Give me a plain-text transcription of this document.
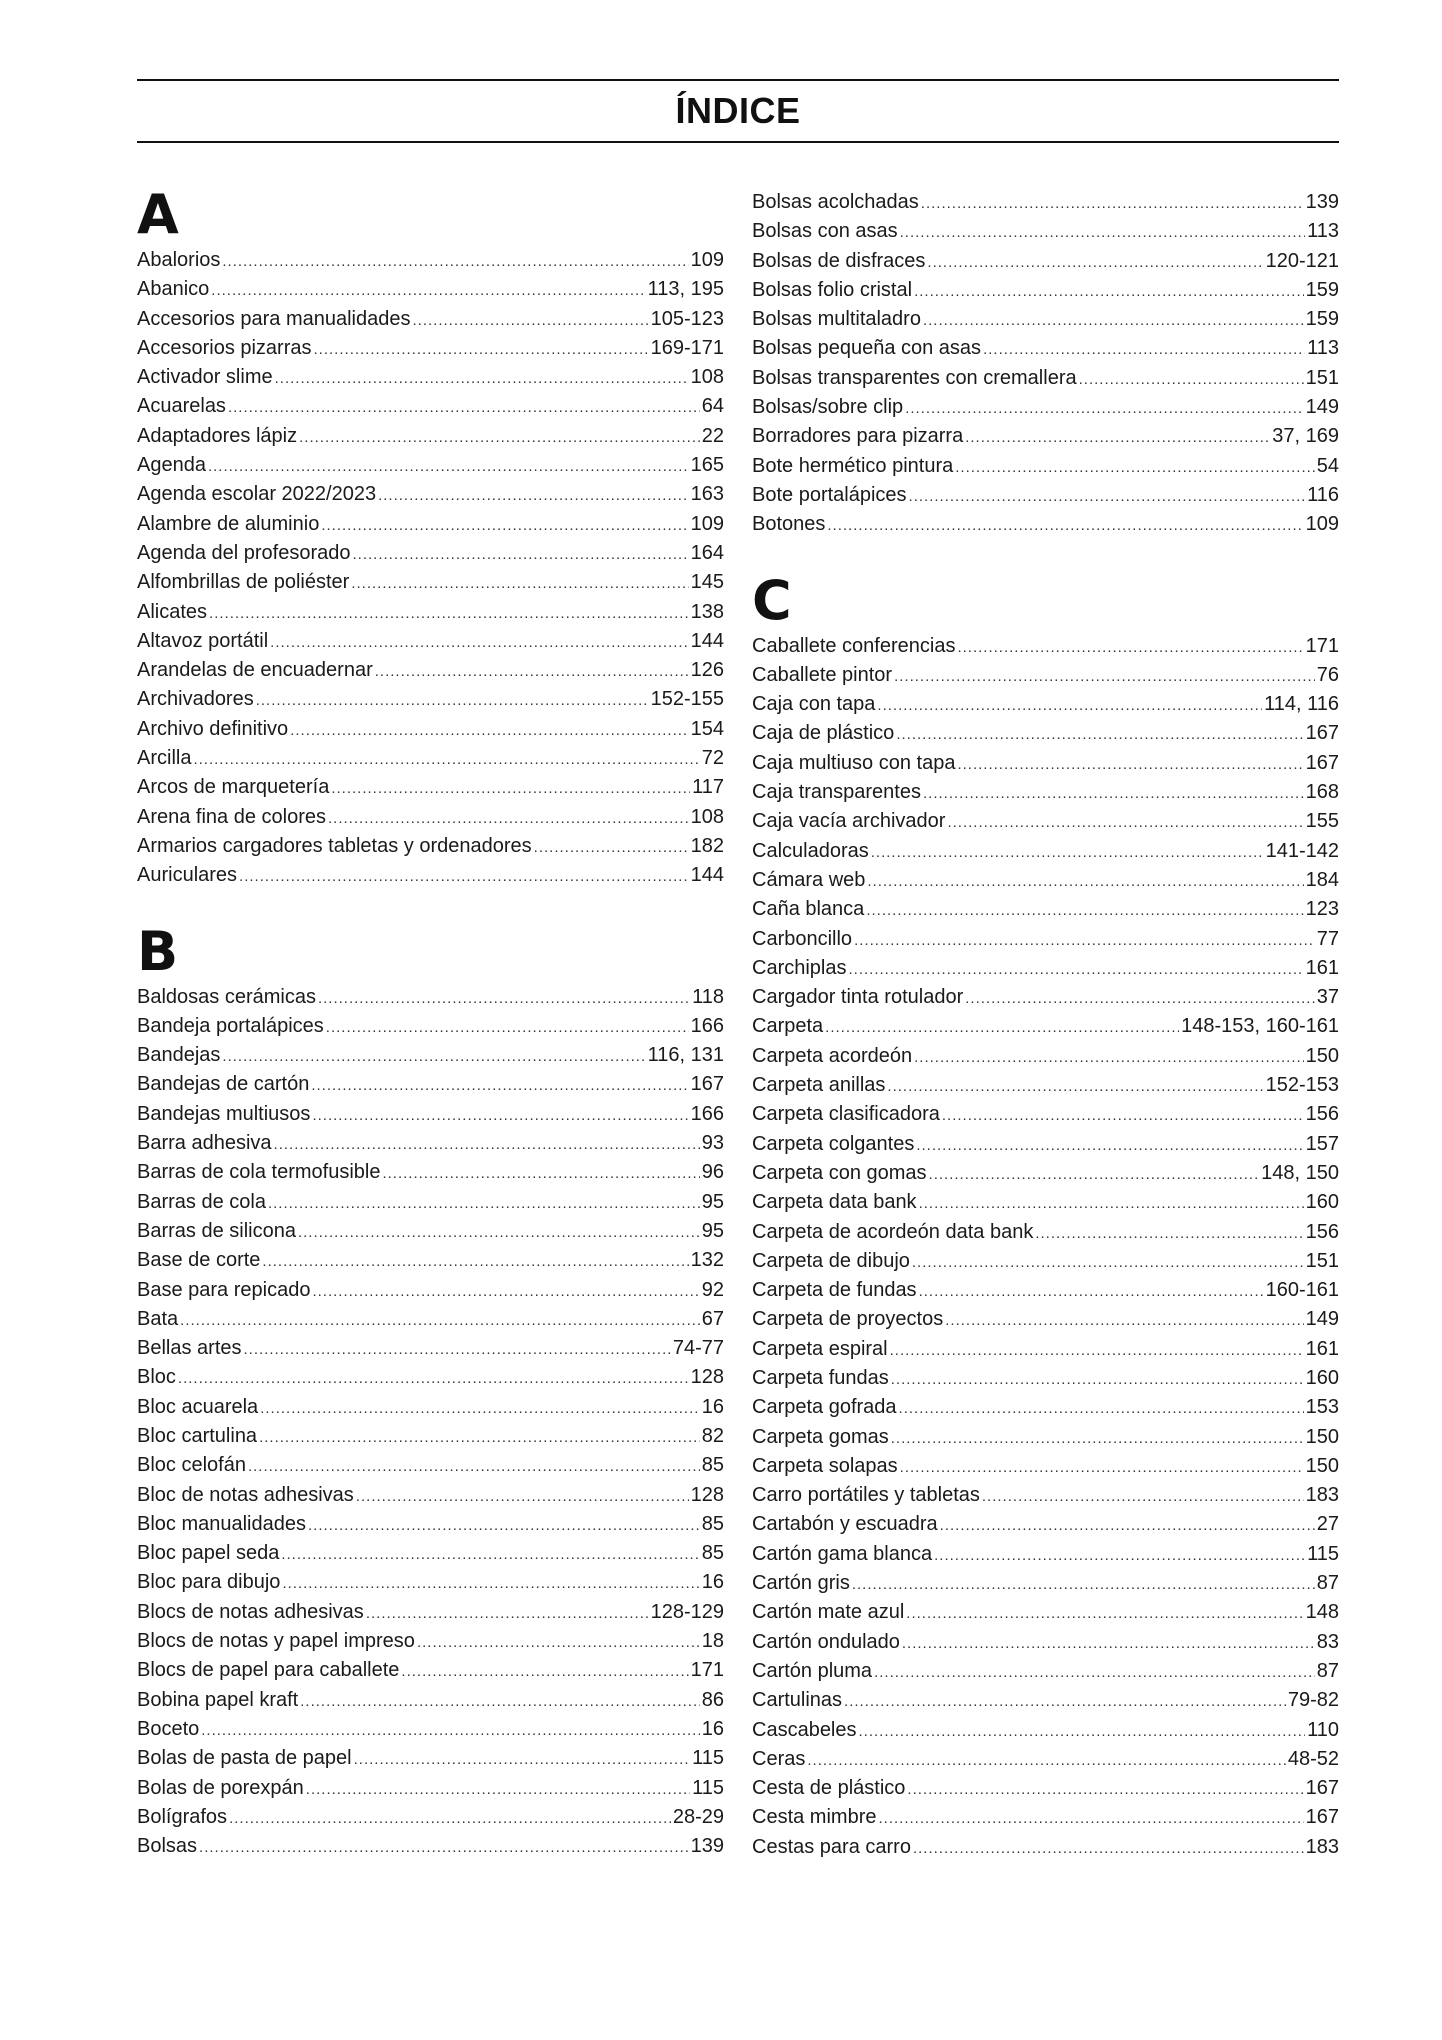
ÍNDICE
A
Abalorios .....	109
Abanico .....	113, 195
Accesorios para manualidades .....	105-123
Accesorios pizarras .....	169-171
Activador slime .....	108
Acuarelas .....	64
Adaptadores lápiz .....	22
Agenda .....	165
Agenda escolar 2022/2023 .....	163
Alambre de aluminio .....	109
Agenda del profesorado .....	164
Alfombrillas de poliéster .....	145
Alicates .....	138
Altavoz portátil .....	144
Arandelas de encuadernar .....	126
Archivadores .....	152-155
Archivo definitivo .....	154
Arcilla .....	72
Arcos de marquetería .....	117
Arena fina de colores .....	108
Armarios cargadores tabletas y ordenadores .....	182
Auriculares .....	144
B
Baldosas cerámicas .....	118
Bandeja portalápices .....	166
Bandejas .....	116, 131
Bandejas de cartón .....	167
Bandejas multiusos .....	166
Barra adhesiva .....	93
Barras de cola termofusible .....	96
Barras de cola .....	95
Barras de silicona .....	95
Base de corte .....	132
Base para repicado .....	92
Bata .....	67
Bellas artes .....	74-77
Bloc .....	128
Bloc acuarela .....	16
Bloc cartulina .....	82
Bloc celofán .....	85
Bloc de notas adhesivas .....	128
Bloc manualidades .....	85
Bloc papel seda .....	85
Bloc para dibujo .....	16
Blocs de notas adhesivas .....	128-129
Blocs de notas y papel impreso .....	18
Blocs de papel para caballete .....	171
Bobina papel kraft .....	86
Boceto .....	16
Bolas de pasta de papel .....	115
Bolas de porexpán .....	115
Bolígrafos .....	28-29
Bolsas .....	139
Bolsas acolchadas .....	139
Bolsas con asas .....	113
Bolsas de disfraces .....	120-121
Bolsas folio cristal .....	159
Bolsas multitaladro .....	159
Bolsas pequeña con asas .....	113
Bolsas transparentes con cremallera .....	151
Bolsas/sobre clip .....	149
Borradores para pizarra .....	37, 169
Bote hermético pintura .....	54
Bote portalápices .....	116
Botones .....	109
C
Caballete conferencias .....	171
Caballete pintor .....	76
Caja con tapa .....	114, 116
Caja de plástico .....	167
Caja multiuso con tapa .....	167
Caja transparentes .....	168
Caja vacía archivador .....	155
Calculadoras .....	141-142
Cámara web .....	184
Caña blanca .....	123
Carboncillo .....	77
Carchiplas .....	161
Cargador tinta rotulador .....	37
Carpeta .....	148-153, 160-161
Carpeta acordeón .....	150
Carpeta anillas .....	152-153
Carpeta clasificadora .....	156
Carpeta colgantes .....	157
Carpeta con gomas .....	148, 150
Carpeta data bank .....	160
Carpeta de acordeón data bank .....	156
Carpeta de dibujo .....	151
Carpeta de fundas .....	160-161
Carpeta de proyectos .....	149
Carpeta espiral .....	161
Carpeta fundas .....	160
Carpeta gofrada .....	153
Carpeta gomas .....	150
Carpeta solapas .....	150
Carro portátiles y tabletas .....	183
Cartabón y escuadra .....	27
Cartón gama blanca .....	115
Cartón gris .....	87
Cartón mate azul .....	148
Cartón ondulado .....	83
Cartón pluma .....	87
Cartulinas .....	79-82
Cascabeles .....	110
Ceras .....	48-52
Cesta de plástico .....	167
Cesta mimbre .....	167
Cestas para carro .....	183
